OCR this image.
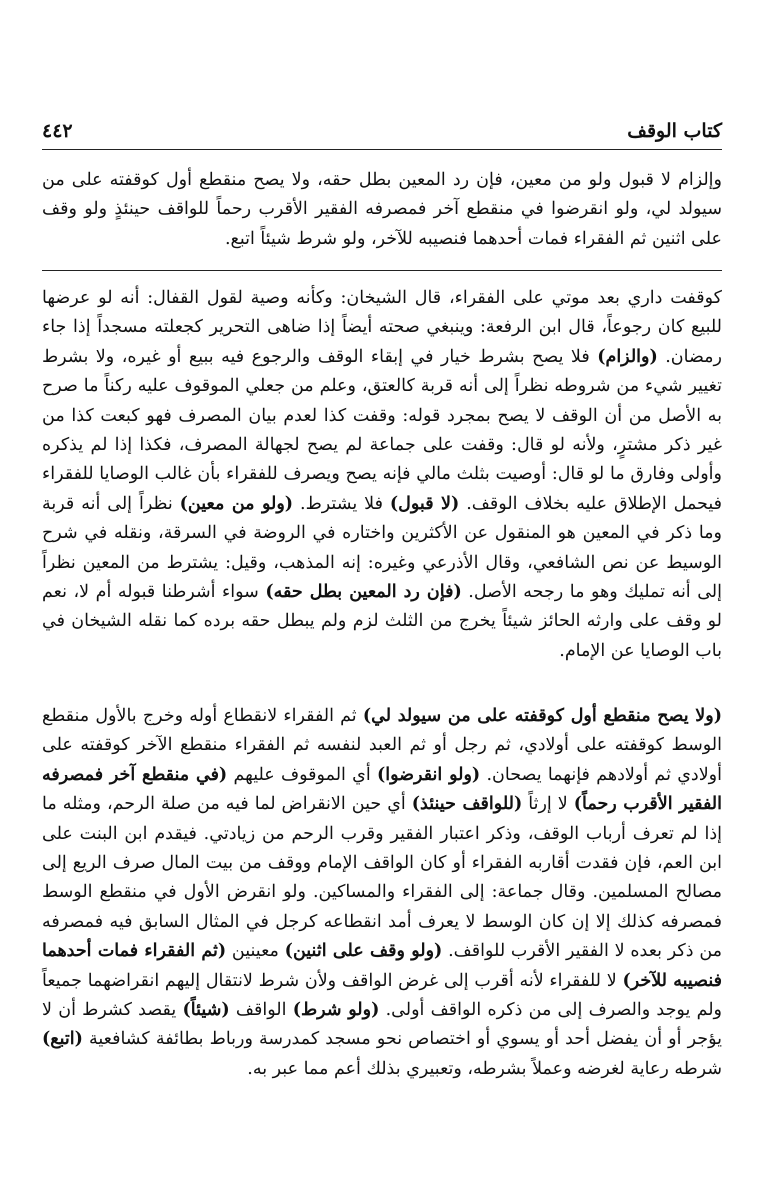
كتاب الوقف
٤٤٢

وإلزام لا قبول ولو من معين، فإن رد المعين بطل حقه، ولا يصح منقطع أول كوقفته على من سيولد لي، ولو انقرضوا في منقطع آخر فمصرفه الفقير الأقرب رحماً للواقف حينئذٍ ولو وقف على اثنين ثم الفقراء فمات أحدهما فنصيبه للآخر، ولو شرط شيئاً اتبع.

كوقفت داري بعد موتي على الفقراء، قال الشيخان: وكأنه وصية لقول القفال: أنه لو عرضها للبيع كان رجوعاً، قال ابن الرفعة: وينبغي صحته أيضاً إذا ضاهى التحرير كجعلته مسجداً إذا جاء رمضان. (والزام) فلا يصح بشرط خيار في إبقاء الوقف والرجوع فيه ببيع أو غيره، ولا بشرط تغيير شيء من شروطه نظراً إلى أنه قربة كالعتق، وعلم من جعلي الموقوف عليه ركناً ما صرح به الأصل من أن الوقف لا يصح بمجرد قوله: وقفت كذا لعدم بيان المصرف فهو كبعت كذا من غير ذكر مشترٍ، ولأنه لو قال: وقفت على جماعة لم يصح لجهالة المصرف، فكذا إذا لم يذكره وأولى وفارق ما لو قال: أوصيت بثلث مالي فإنه يصح ويصرف للفقراء بأن غالب الوصايا للفقراء فيحمل الإطلاق عليه بخلاف الوقف. (لا قبول) فلا يشترط. (ولو من معين) نظراً إلى أنه قربة وما ذكر في المعين هو المنقول عن الأكثرين واختاره في الروضة في السرقة، ونقله في شرح الوسيط عن نص الشافعي، وقال الأذرعي وغيره: إنه المذهب، وقيل: يشترط من المعين نظراً إلى أنه تمليك وهو ما رجحه الأصل. (فإن رد المعين بطل حقه) سواء أشرطنا قبوله أم لا، نعم لو وقف على وارثه الحائز شيئاً يخرج من الثلث لزم ولم يبطل حقه برده كما نقله الشيخان في باب الوصايا عن الإمام.

(ولا يصح منقطع أول كوقفته على من سيولد لي) ثم الفقراء لانقطاع أوله وخرج بالأول منقطع الوسط كوقفته على أولادي، ثم رجل أو ثم العبد لنفسه ثم الفقراء منقطع الآخر كوقفته على أولادي ثم أولادهم فإنهما يصحان. (ولو انقرضوا) أي الموقوف عليهم (في منقطع آخر فمصرفه الفقير الأقرب رحماً) لا إرثاً (للواقف حينئذ) أي حين الانقراض لما فيه من صلة الرحم، ومثله ما إذا لم تعرف أرباب الوقف، وذكر اعتبار الفقير وقرب الرحم من زيادتي. فيقدم ابن البنت على ابن العم، فإن فقدت أقاربه الفقراء أو كان الواقف الإمام ووقف من بيت المال صرف الريع إلى مصالح المسلمين. وقال جماعة: إلى الفقراء والمساكين. ولو انقرض الأول في منقطع الوسط فمصرفه كذلك إلا إن كان الوسط لا يعرف أمد انقطاعه كرجل في المثال السابق فيه فمصرفه من ذكر بعده لا الفقير الأقرب للواقف. (ولو وقف على اثنين) معينين (ثم الفقراء فمات أحدهما فنصيبه للآخر) لا للفقراء لأنه أقرب إلى غرض الواقف ولأن شرط لانتقال إليهم انقراضهما جميعاً ولم يوجد والصرف إلى من ذكره الواقف أولى. (ولو شرط) الواقف (شيئاً) يقصد كشرط أن لا يؤجر أو أن يفضل أحد أو يسوي أو اختصاص نحو مسجد كمدرسة ورباط بطائفة كشافعية (اتبع) شرطه رعاية لغرضه وعملاً بشرطه، وتعبيري بذلك أعم مما عبر به.
